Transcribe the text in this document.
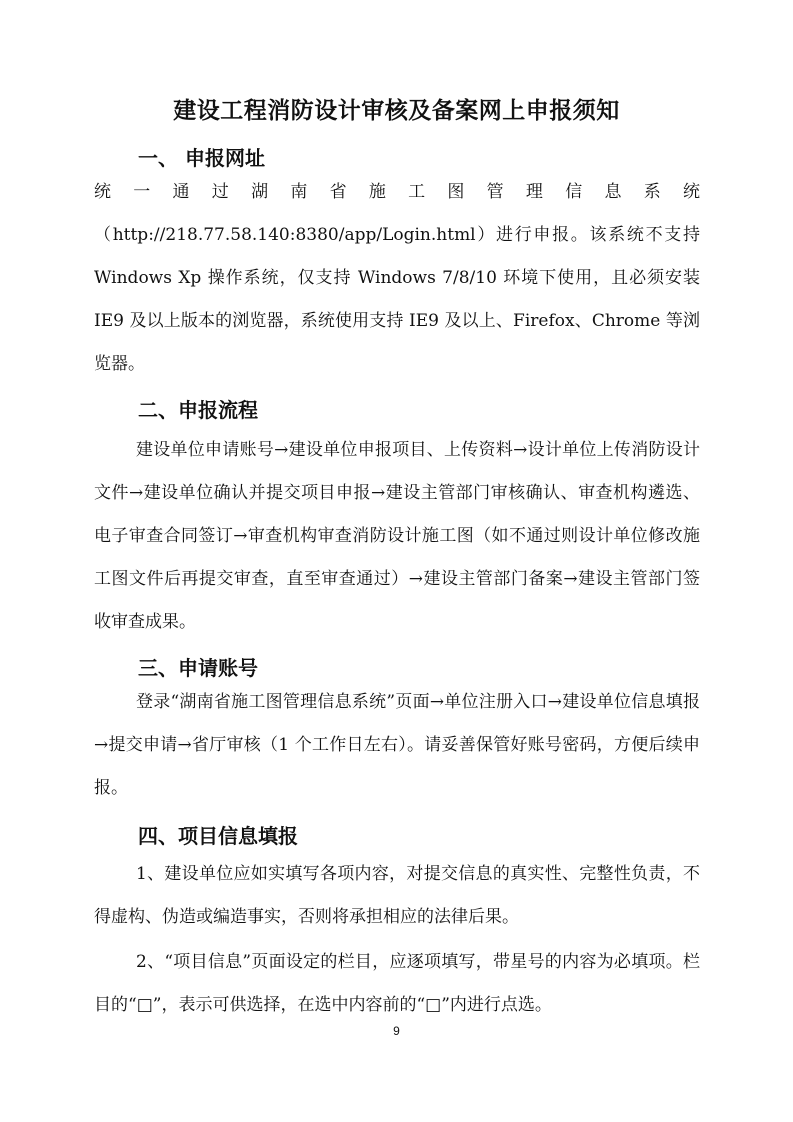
建设工程消防设计审核及备案网上申报须知
一、 申报网址
统 一 通 过 湖 南 省 施 工 图 管 理 信 息 系 统
（http://218.77.58.140:8380/app/Login.html）进行申报。该系统不支持 Windows Xp 操作系统，仅支持 Windows 7/8/10 环境下使用，且必须安装 IE9 及以上版本的浏览器，系统使用支持 IE9 及以上、Firefox、Chrome 等浏览器。
二、申报流程

建设单位申请账号→建设单位申报项目、上传资料→设计单位上传消防设计文件→建设单位确认并提交项目申报→建设主管部门审核确认、审查机构遴选、电子审查合同签订→审查机构审查消防设计施工图（如不通过则设计单位修改施工图文件后再提交审查，直至审查通过）→建设主管部门备案→建设主管部门签收审查成果。

三、申请账号

登录“湖南省施工图管理信息系统”页面→单位注册入口→建设单位信息填报→提交申请→省厅审核（1 个工作日左右）。请妥善保管好账号密码，方便后续申报。

四、项目信息填报

1、建设单位应如实填写各项内容，对提交信息的真实性、完整性负责，不得虚构、伪造或编造事实，否则将承担相应的法律后果。

2、“项目信息”页面设定的栏目，应逐项填写，带星号的内容为必填项。栏目的“□”，表示可供选择，在选中内容前的“□”内进行点选。

9
